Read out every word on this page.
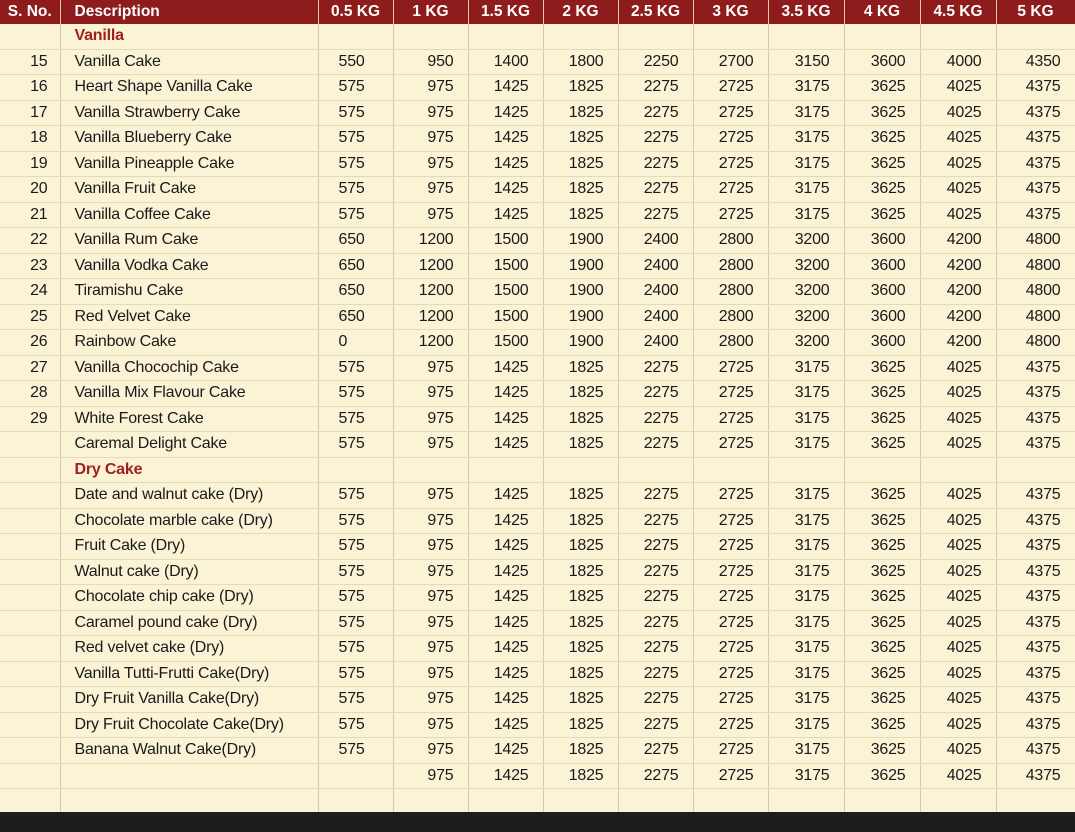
S. No.	Description	0.5 KG	1 KG	1.5 KG	2 KG	2.5 KG	3 KG	3.5 KG	4 KG	4.5 KG	5 KG
	Vanilla										
15	Vanilla Cake	550	950	1400	1800	2250	2700	3150	3600	4000	4350
16	Heart Shape Vanilla Cake	575	975	1425	1825	2275	2725	3175	3625	4025	4375
17	Vanilla Strawberry Cake	575	975	1425	1825	2275	2725	3175	3625	4025	4375
18	Vanilla Blueberry Cake	575	975	1425	1825	2275	2725	3175	3625	4025	4375
19	Vanilla Pineapple Cake	575	975	1425	1825	2275	2725	3175	3625	4025	4375
20	Vanilla Fruit Cake	575	975	1425	1825	2275	2725	3175	3625	4025	4375
21	Vanilla Coffee Cake	575	975	1425	1825	2275	2725	3175	3625	4025	4375
22	Vanilla Rum Cake	650	1200	1500	1900	2400	2800	3200	3600	4200	4800
23	Vanilla Vodka Cake	650	1200	1500	1900	2400	2800	3200	3600	4200	4800
24	Tiramishu Cake	650	1200	1500	1900	2400	2800	3200	3600	4200	4800
25	Red Velvet Cake	650	1200	1500	1900	2400	2800	3200	3600	4200	4800
26	Rainbow Cake	0	1200	1500	1900	2400	2800	3200	3600	4200	4800
27	Vanilla Chocochip Cake	575	975	1425	1825	2275	2725	3175	3625	4025	4375
28	Vanilla Mix Flavour Cake	575	975	1425	1825	2275	2725	3175	3625	4025	4375
29	White Forest Cake	575	975	1425	1825	2275	2725	3175	3625	4025	4375
	Caremal Delight Cake	575	975	1425	1825	2275	2725	3175	3625	4025	4375
	Dry Cake										
	Date and walnut cake (Dry)	575	975	1425	1825	2275	2725	3175	3625	4025	4375
	Chocolate marble cake (Dry)	575	975	1425	1825	2275	2725	3175	3625	4025	4375
	Fruit Cake (Dry)	575	975	1425	1825	2275	2725	3175	3625	4025	4375
	Walnut cake (Dry)	575	975	1425	1825	2275	2725	3175	3625	4025	4375
	Chocolate chip cake (Dry)	575	975	1425	1825	2275	2725	3175	3625	4025	4375
	Caramel pound cake (Dry)	575	975	1425	1825	2275	2725	3175	3625	4025	4375
	Red velvet cake (Dry)	575	975	1425	1825	2275	2725	3175	3625	4025	4375
	Vanilla Tutti-Frutti Cake(Dry)	575	975	1425	1825	2275	2725	3175	3625	4025	4375
	Dry Fruit Vanilla Cake(Dry)	575	975	1425	1825	2275	2725	3175	3625	4025	4375
	Dry Fruit Chocolate Cake(Dry)	575	975	1425	1825	2275	2725	3175	3625	4025	4375
	Banana Walnut Cake(Dry)	575	975	1425	1825	2275	2725	3175	3625	4025	4375
			975	1425	1825	2275	2725	3175	3625	4025	4375
